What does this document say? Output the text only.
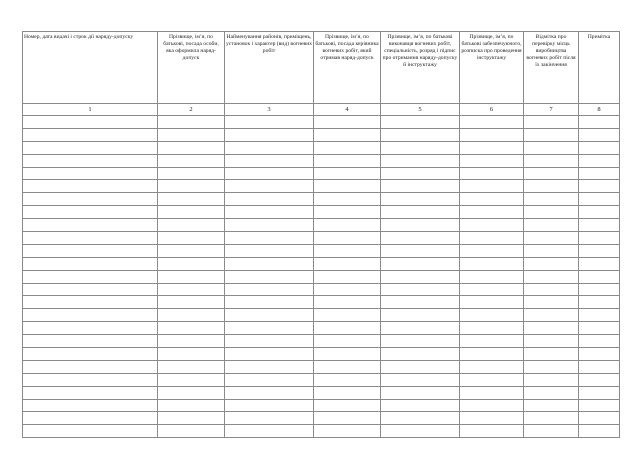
Номер, дата видачі і строк дії наряду-допуску	Прізвище, ім’я, по батькові, посада особи, яка оформила наряд-допуск	Найменування районів, приміщень, установок і характер (вид) вогневих робіт	Прізвище, ім’я, по батькові, посада керівника вогневих робіт, який отримав наряд-допуск	Прізвище, ім’я, по батькові виконавця вогневих робіт, спеціальність, розряд і підпис про отримання наряду-допуску й інструктажу	Прізвище, ім’я, по батькові забезпечуючого, розписка про проведення інструктажу	Відмітка про перевірку місць виробництва вогневих робіт після їх закінчення	Примітка

1	2	3	4	5	6	7	8
